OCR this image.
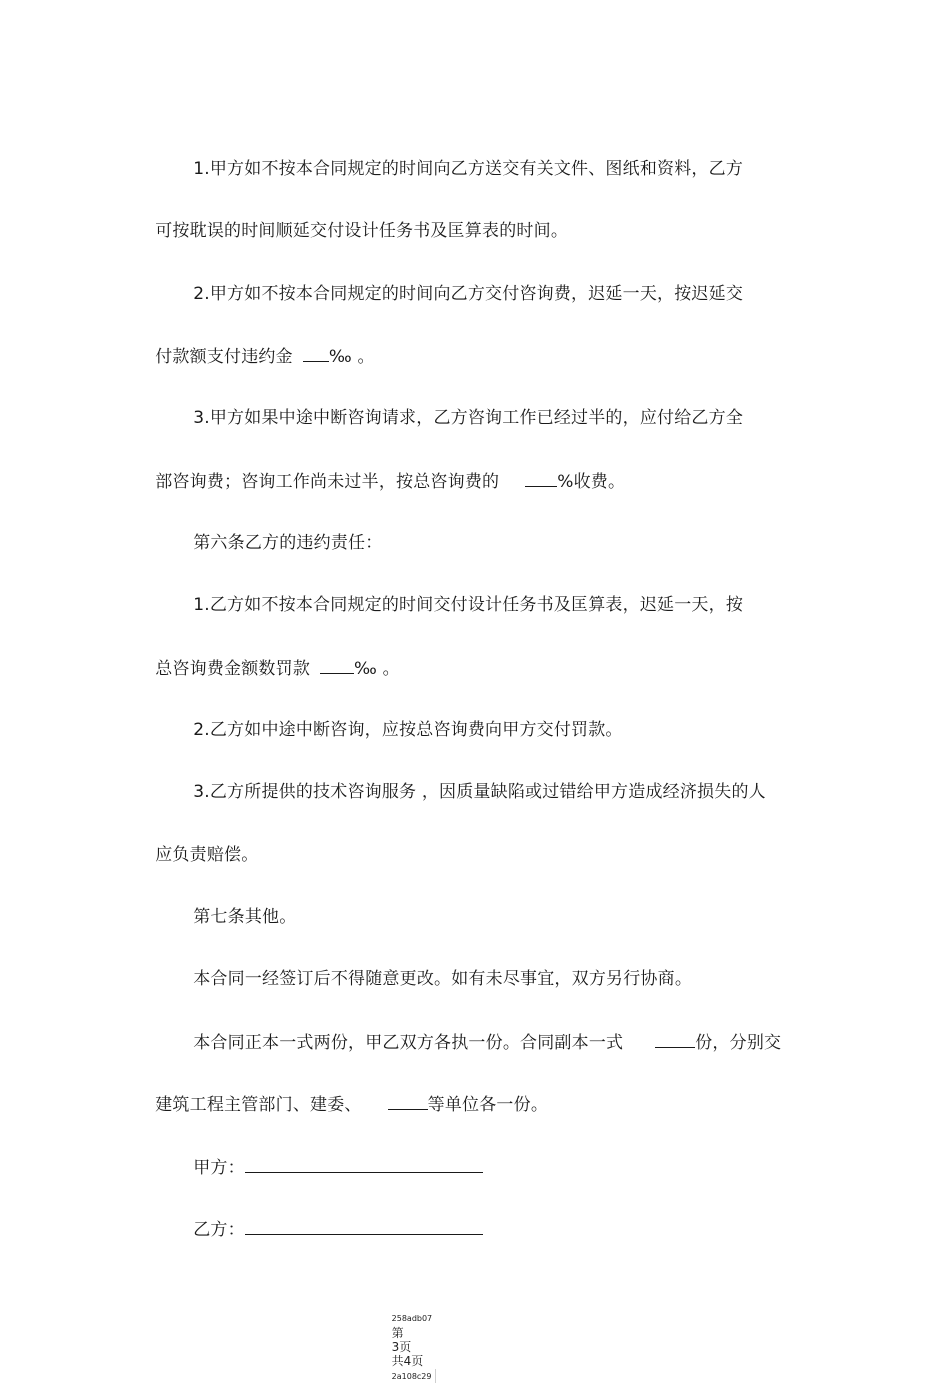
1.甲方如不按本合同规定的时间向乙方送交有关文件、图纸和资料，乙方

可按耽误的时间顺延交付设计任务书及匡算表的时间。

2.甲方如不按本合同规定的时间向乙方交付咨询费，迟延一天，按迟延交

付款额支付违约金 ‰ 。

3.甲方如果中途中断咨询请求，乙方咨询工作已经过半的，应付给乙方全

部咨询费；咨询工作尚未过半，按总咨询费的	%收费。

第六条乙方的违约责任：

1.乙方如不按本合同规定的时间交付设计任务书及匡算表，迟延一天，按

总咨询费金额数罚款	‰ 。

2.乙方如中途中断咨询，应按总咨询费向甲方交付罚款。

3.乙方所提供的技术咨询服务 ，因质量缺陷或过错给甲方造成经济损失的人

应负责赔偿。

第七条其他。

本合同一经签订后不得随意更改。如有未尽事宜，双方另行协商。

本合同正本一式两份，甲乙双方各执一份。合同副本一式	份，分别交

建筑工程主管部门、建委、	等单位各一份。

甲方：

乙方：

258adb07
第
3页
共4页
2a108c29
